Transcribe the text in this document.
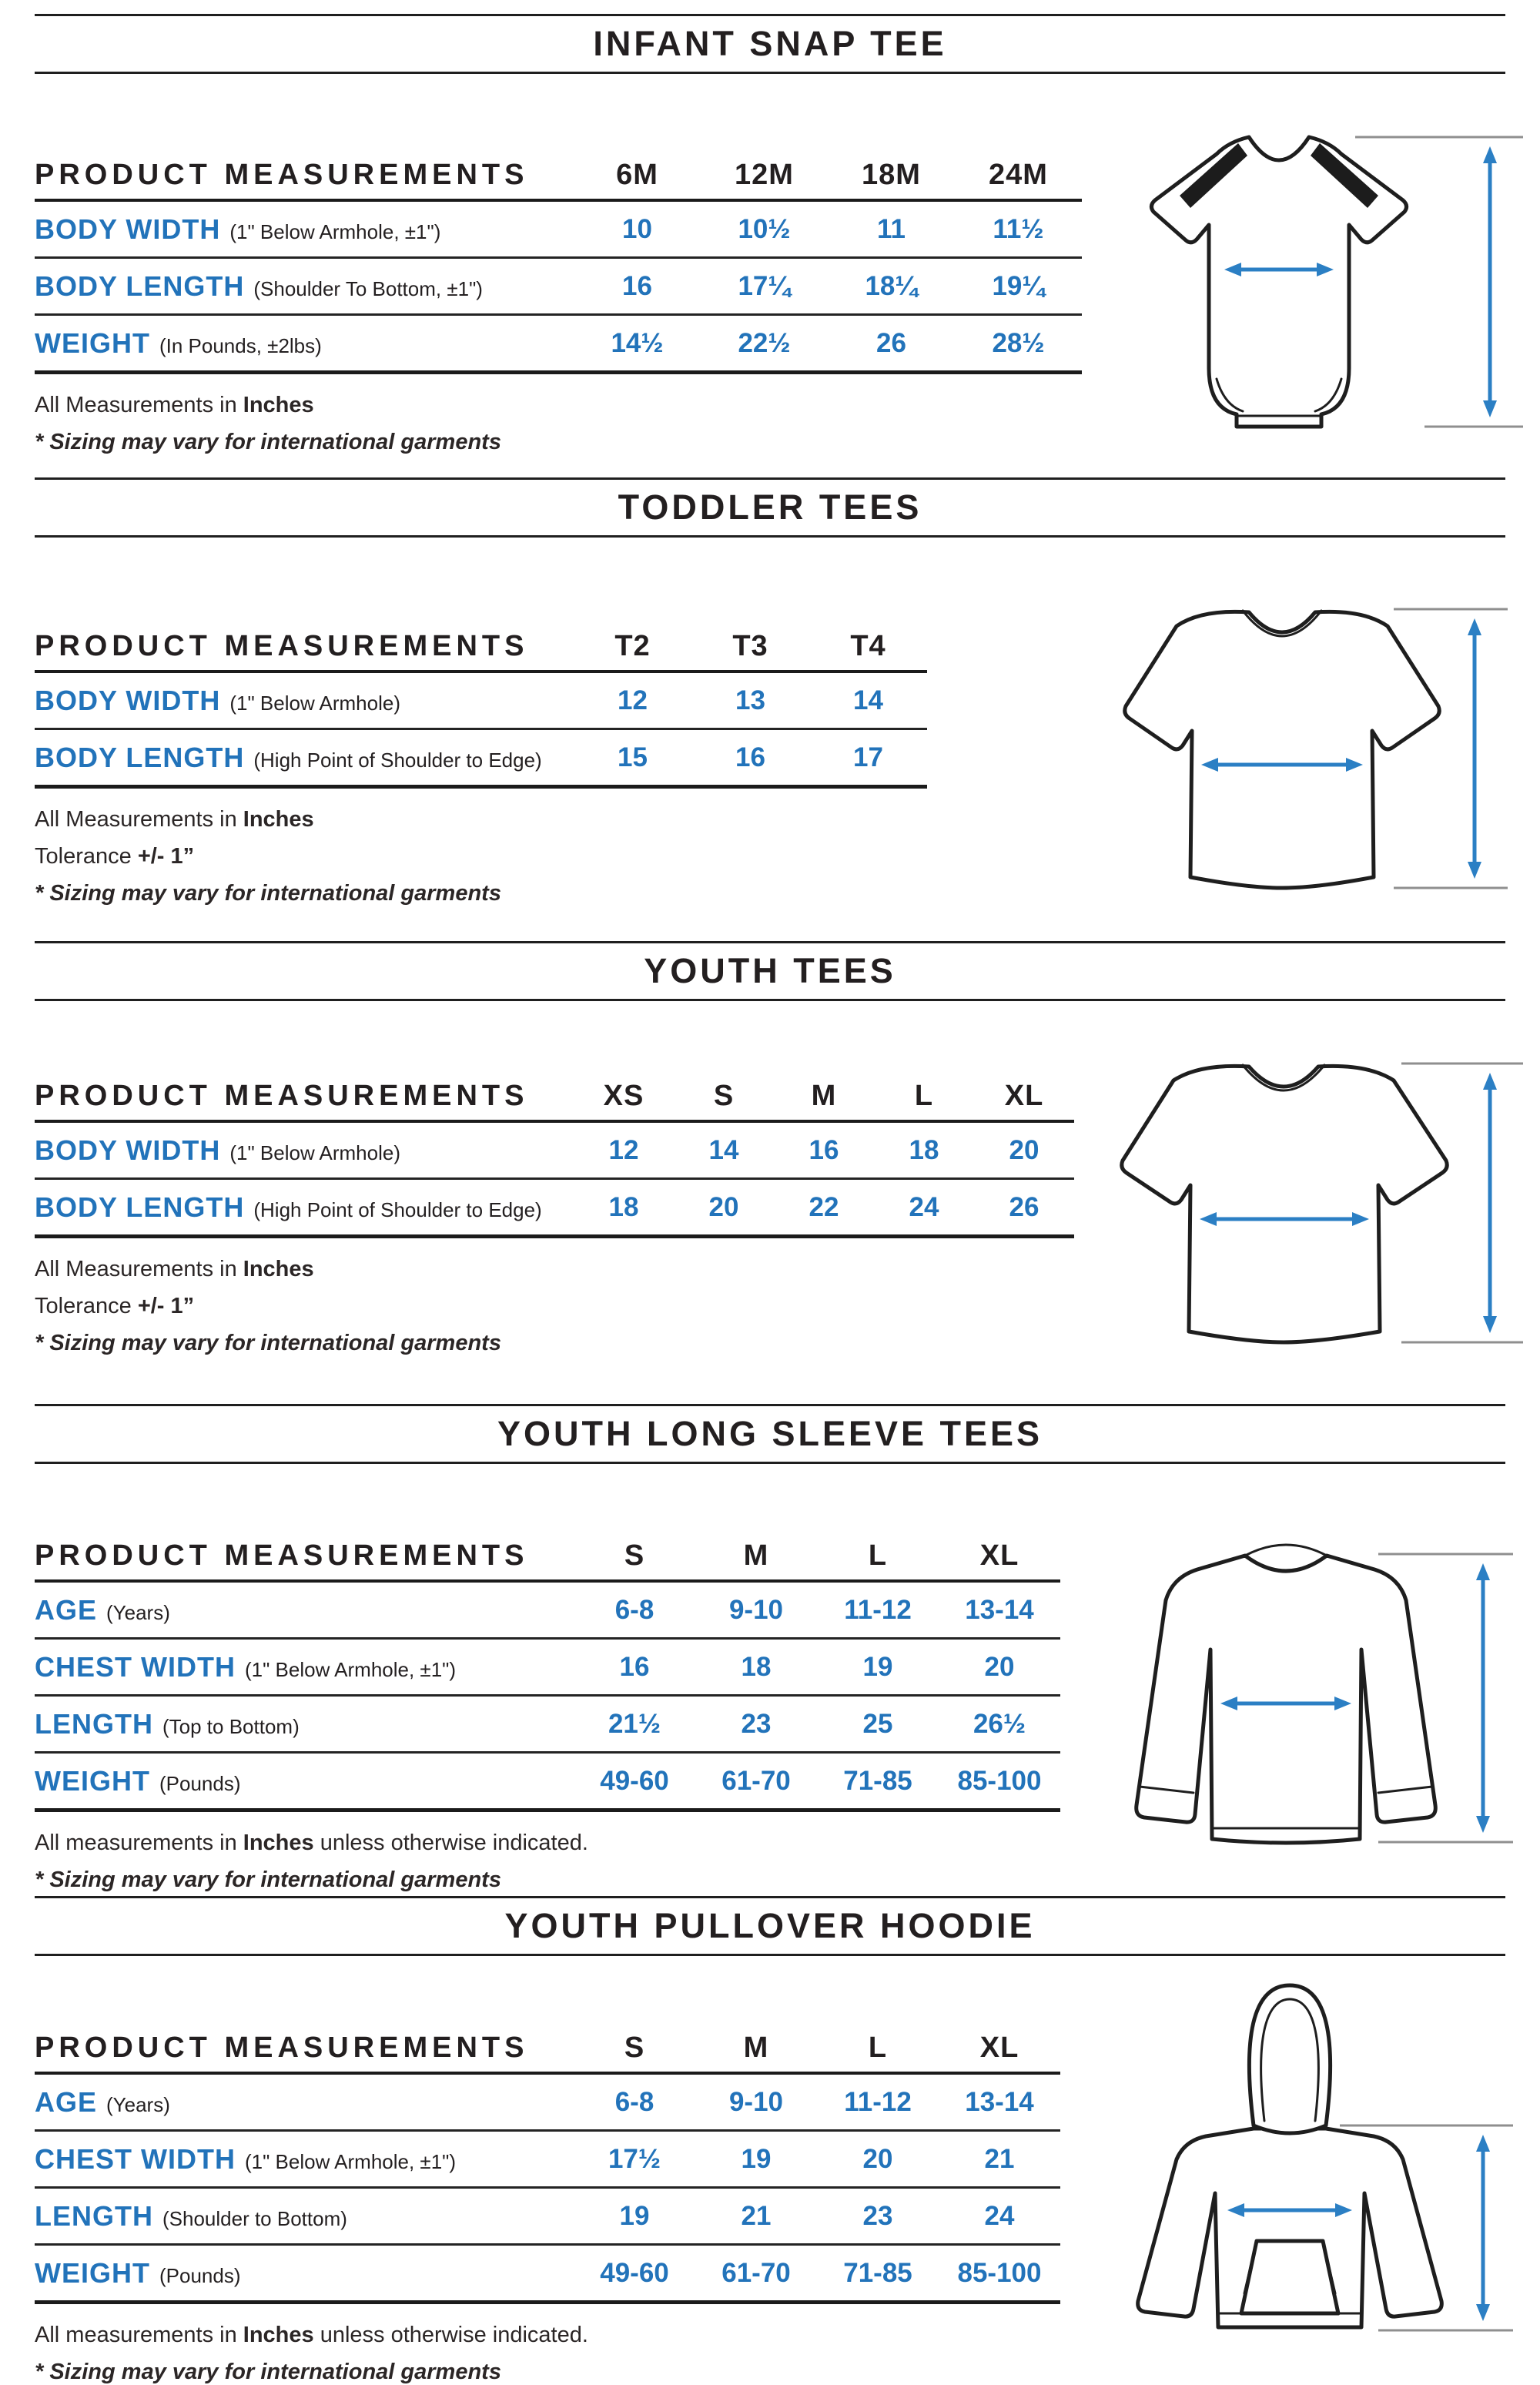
INFANT SNAP TEE
PRODUCT MEASUREMENTS	6M	12M	18M	24M
BODY WIDTH (1" Below Armhole, ±1")	10	10½	11	11½
BODY LENGTH (Shoulder To Bottom, ±1")	16	17¼	18¼	19¼
WEIGHT (In Pounds, ±2lbs)	14½	22½	26	28½
All Measurements in Inches
* Sizing may vary for international garments
TODDLER TEES
PRODUCT MEASUREMENTS	T2	T3	T4
BODY WIDTH (1" Below Armhole)	12	13	14
BODY LENGTH (High Point of Shoulder to Edge)	15	16	17
All Measurements in Inches
Tolerance +/- 1”
* Sizing may vary for international garments
YOUTH TEES
PRODUCT MEASUREMENTS	XS	S	M	L	XL
BODY WIDTH (1" Below Armhole)	12	14	16	18	20
BODY LENGTH (High Point of Shoulder to Edge)	18	20	22	24	26
All Measurements in Inches
Tolerance +/- 1”
* Sizing may vary for international garments
YOUTH LONG SLEEVE TEES
PRODUCT MEASUREMENTS	S	M	L	XL
AGE (Years)	6-8	9-10	11-12	13-14
CHEST WIDTH (1" Below Armhole, ±1")	16	18	19	20
LENGTH (Top to Bottom)	21½	23	25	26½
WEIGHT (Pounds)	49-60	61-70	71-85	85-100
All measurements in Inches unless otherwise indicated.
* Sizing may vary for international garments
YOUTH PULLOVER HOODIE
PRODUCT MEASUREMENTS	S	M	L	XL
AGE (Years)	6-8	9-10	11-12	13-14
CHEST WIDTH (1" Below Armhole, ±1")	17½	19	20	21
LENGTH (Shoulder to Bottom)	19	21	23	24
WEIGHT (Pounds)	49-60	61-70	71-85	85-100
All measurements in Inches unless otherwise indicated.
* Sizing may vary for international garments
